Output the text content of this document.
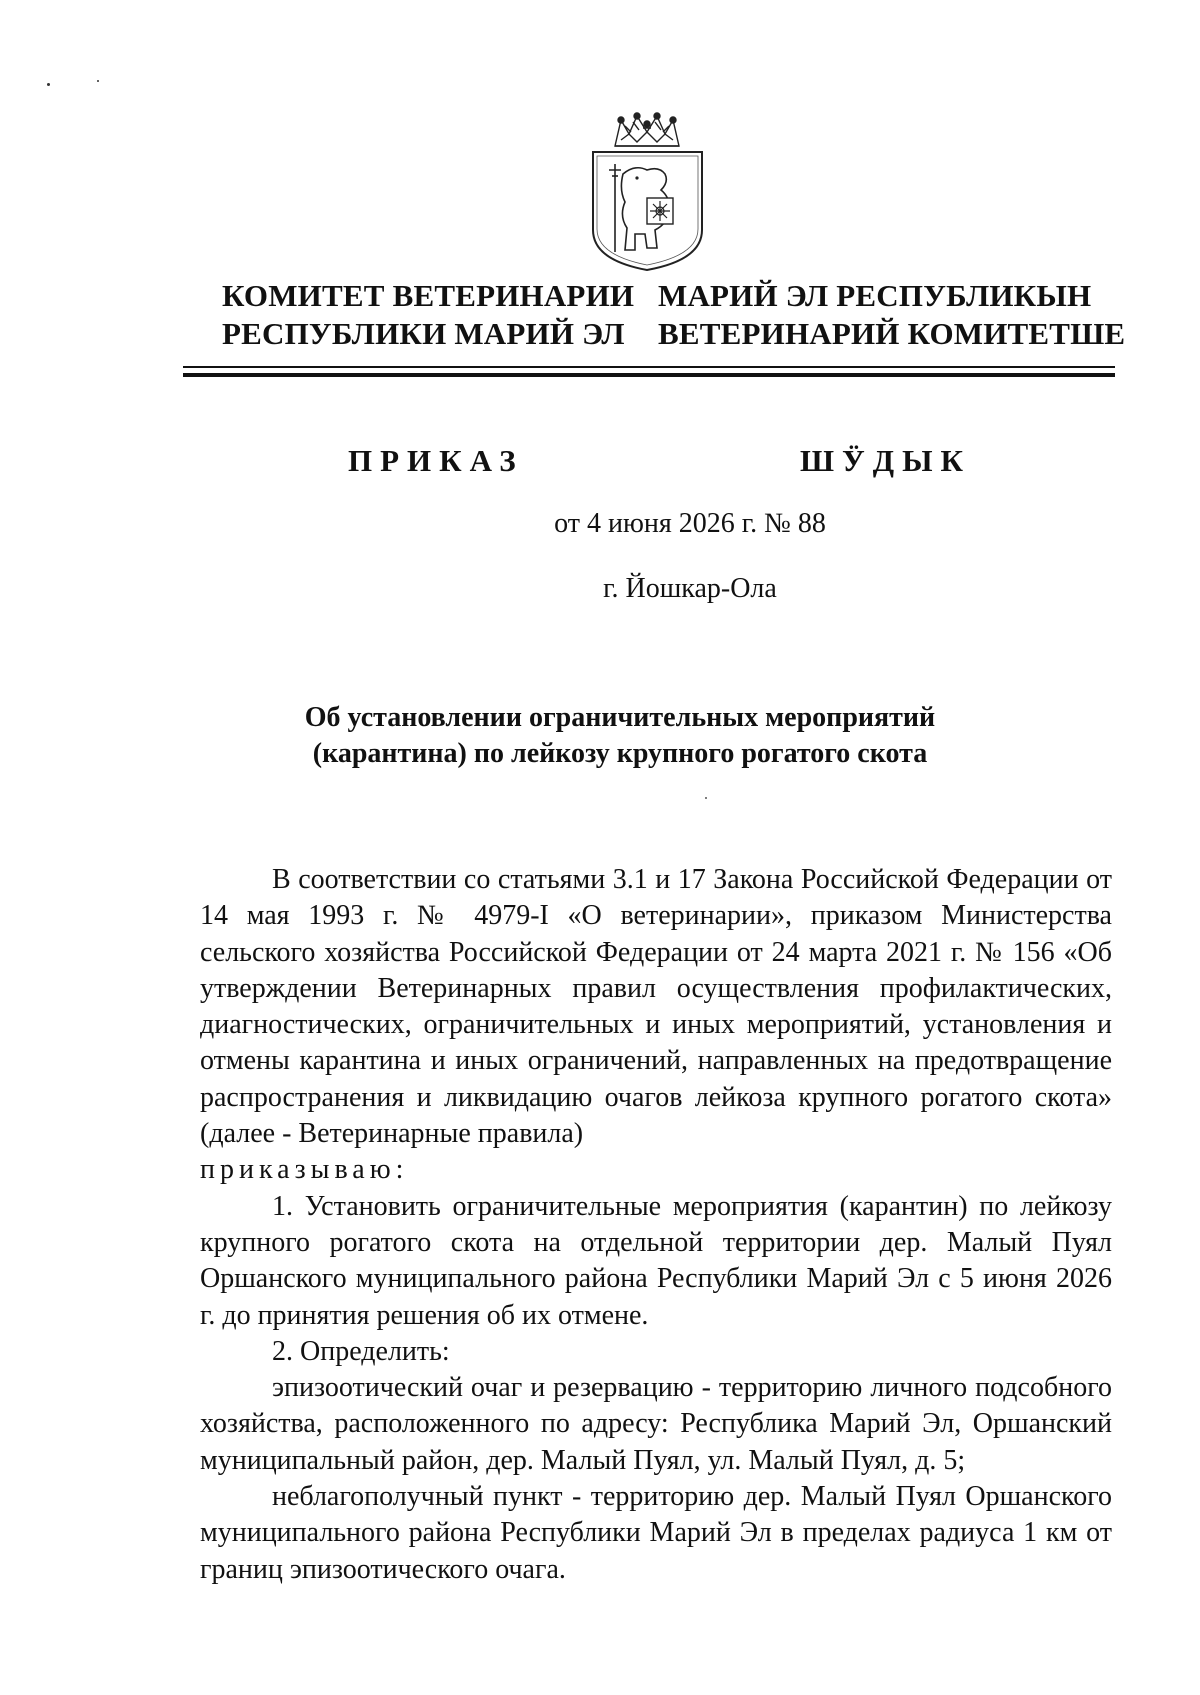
КОМИТЕТ ВЕТЕРИНАРИИ
РЕСПУБЛИКИ МАРИЙ ЭЛ
МАРИЙ ЭЛ РЕСПУБЛИКЫН
ВЕТЕРИНАРИЙ КОМИТЕТШЕ
ПРИКАЗ	ШӰДЫК
от 4 июня 2026 г. № 88
г. Йошкар-Ола
Об установлении ограничительных мероприятий
(карантина) по лейкозу крупного рогатого скота

В соответствии со статьями 3.1 и 17 Закона Российской Федерации от 14 мая 1993 г. № 4979-I «О ветеринарии», приказом Министерства сельского хозяйства Российской Федерации от 24 марта 2021 г. № 156 «Об утверждении Ветеринарных правил осуществления профилактических, диагностических, ограничительных и иных мероприятий, установления и отмены карантина и иных ограничений, направленных на предотвращение распространения и ликвидацию очагов лейкоза крупного рогатого скота» (далее - Ветеринарные правила)

приказываю:

1. Установить ограничительные мероприятия (карантин) по лейкозу крупного рогатого скота на отдельной территории дер. Малый Пуял Оршанского муниципального района Республики Марий Эл с 5 июня 2026 г. до принятия решения об их отмене.

2. Определить:

эпизоотический очаг и резервацию - территорию личного подсобного хозяйства, расположенного по адресу: Республика Марий Эл, Оршанский муниципальный район, дер. Малый Пуял, ул. Малый Пуял, д. 5;

неблагополучный пункт - территорию дер. Малый Пуял Оршанского муниципального района Республики Марий Эл в пределах радиуса 1 км от границ эпизоотического очага.
